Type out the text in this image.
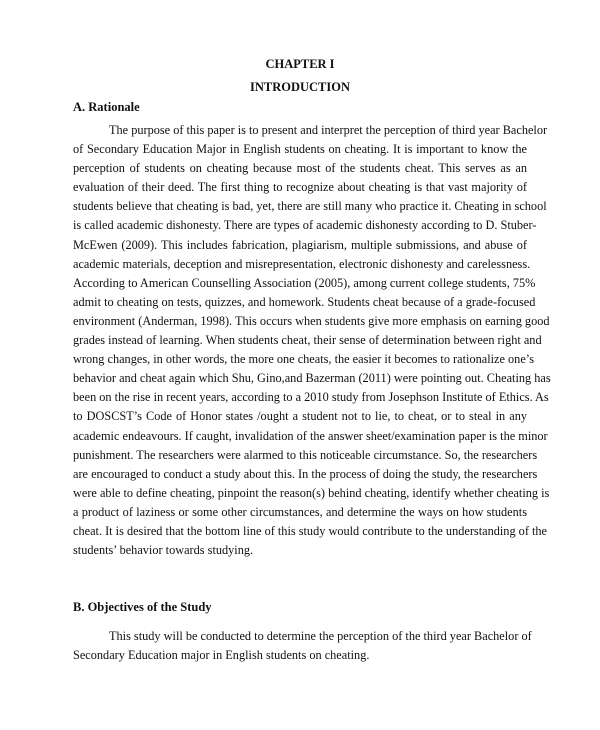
CHAPTER I
INTRODUCTION
A. Rationale
The purpose of this paper is to present and interpret the perception of third year Bachelor
of Secondary Education Major in English students on cheating. It is important to know the
perception of students on cheating because most of the students cheat. This serves as an
evaluation of their deed. The first thing to recognize about cheating is that vast majority of
students believe that cheating is bad, yet, there are still many who practice it. Cheating in school
is called academic dishonesty. There are types of academic dishonesty according to D. Stuber-
McEwen (2009). This includes fabrication, plagiarism, multiple submissions, and abuse of
academic materials, deception and misrepresentation, electronic dishonesty and carelessness.
According to American Counselling Association (2005), among current college students, 75%
admit to cheating on tests, quizzes, and homework. Students cheat because of a grade-focused
environment (Anderman, 1998). This occurs when students give more emphasis on earning good
grades instead of learning. When students cheat, their sense of determination between right and
wrong changes, in other words, the more one cheats, the easier it becomes to rationalize one’s
behavior and cheat again which Shu, Gino,and Bazerman (2011) were pointing out. Cheating has
been on the rise in recent years, according to a 2010 study from Josephson Institute of Ethics. As
to DOSCST’s Code of Honor states /ought a student not to lie, to cheat, or to steal in any
academic endeavours. If caught, invalidation of the answer sheet/examination paper is the minor
punishment. The researchers were alarmed to this noticeable circumstance. So, the researchers
are encouraged to conduct a study about this. In the process of doing the study, the researchers
were able to define cheating, pinpoint the reason(s) behind cheating, identify whether cheating is
a product of laziness or some other circumstances, and determine the ways on how students
cheat. It is desired that the bottom line of this study would contribute to the understanding of the
students’ behavior towards studying.
B. Objectives of the Study
This study will be conducted to determine the perception of the third year Bachelor of
Secondary Education major in English students on cheating.
